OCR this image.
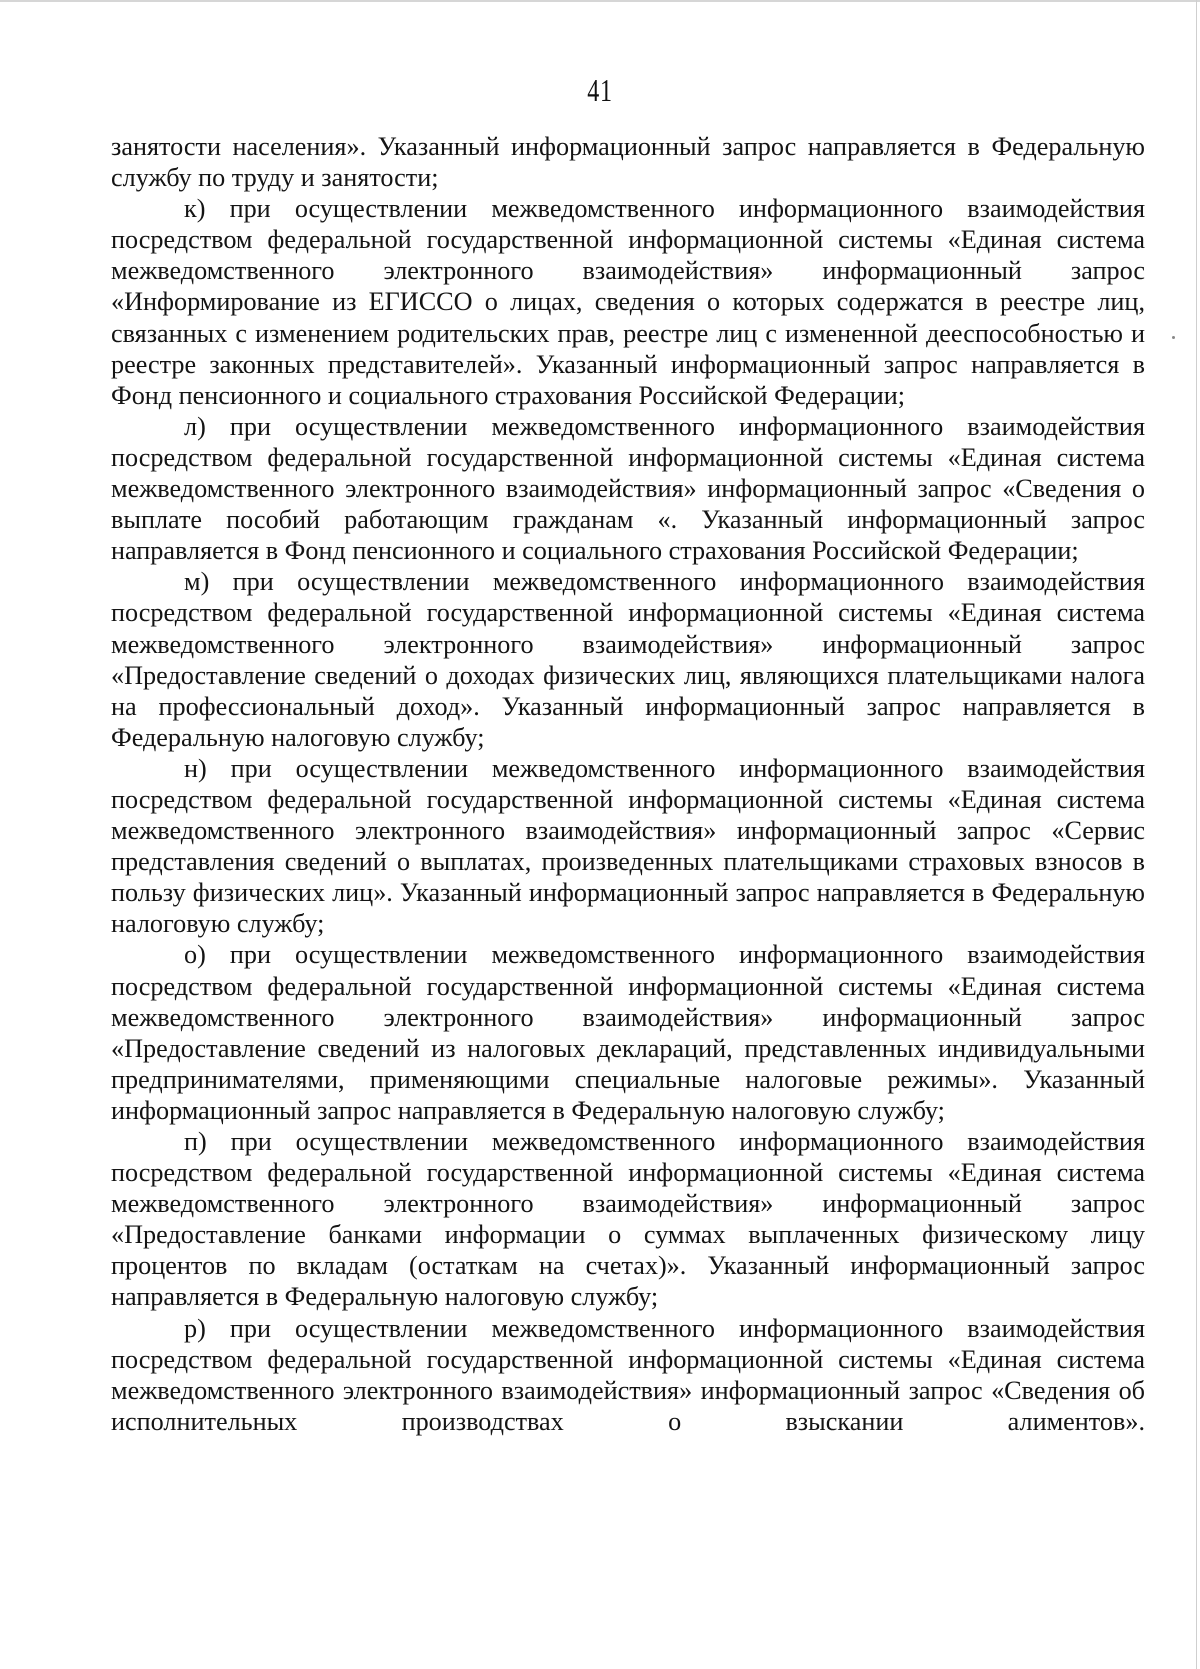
41

занятости населения». Указанный информационный запрос направляется в Федеральную службу по труду и занятости;

к) при осуществлении межведомственного информационного взаимодействия посредством федеральной государственной информационной системы «Единая система межведомственного электронного взаимодействия» информационный запрос «Информирование из ЕГИССО о лицах, сведения о которых содержатся в реестре лиц, связанных с изменением родительских прав, реестре лиц с измененной дееспособностью и реестре законных представителей». Указанный информационный запрос направляется в Фонд пенсионного и социального страхования Российской Федерации;

л) при осуществлении межведомственного информационного взаимодействия посредством федеральной государственной информационной системы «Единая система межведомственного электронного взаимодействия» информационный запрос «Сведения о выплате пособий работающим гражданам «. Указанный информационный запрос направляется в Фонд пенсионного и социального страхования Российской Федерации;

м) при осуществлении межведомственного информационного взаимодействия посредством федеральной государственной информационной системы «Единая система межведомственного электронного взаимодействия» информационный запрос «Предоставление сведений о доходах физических лиц, являющихся плательщиками налога на профессиональный доход». Указанный информационный запрос направляется в Федеральную налоговую службу;

н) при осуществлении межведомственного информационного взаимодействия посредством федеральной государственной информационной системы «Единая система межведомственного электронного взаимодействия» информационный запрос «Сервис представления сведений о выплатах, произведенных плательщиками страховых взносов в пользу физических лиц». Указанный информационный запрос направляется в Федеральную налоговую службу;

о) при осуществлении межведомственного информационного взаимодействия посредством федеральной государственной информационной системы «Единая система межведомственного электронного взаимодействия» информационный запрос «Предоставление сведений из налоговых деклараций, представленных индивидуальными предпринимателями, применяющими специальные налоговые режимы». Указанный информационный запрос направляется в Федеральную налоговую службу;

п) при осуществлении межведомственного информационного взаимодействия посредством федеральной государственной информационной системы «Единая система межведомственного электронного взаимодействия» информационный запрос «Предоставление банками информации о суммах выплаченных физическому лицу процентов по вкладам (остаткам на счетах)». Указанный информационный запрос направляется в Федеральную налоговую службу;

р) при осуществлении межведомственного информационного взаимодействия посредством федеральной государственной информационной системы «Единая система межведомственного электронного взаимодействия» информационный запрос «Сведения об исполнительных производствах о взыскании алиментов».
